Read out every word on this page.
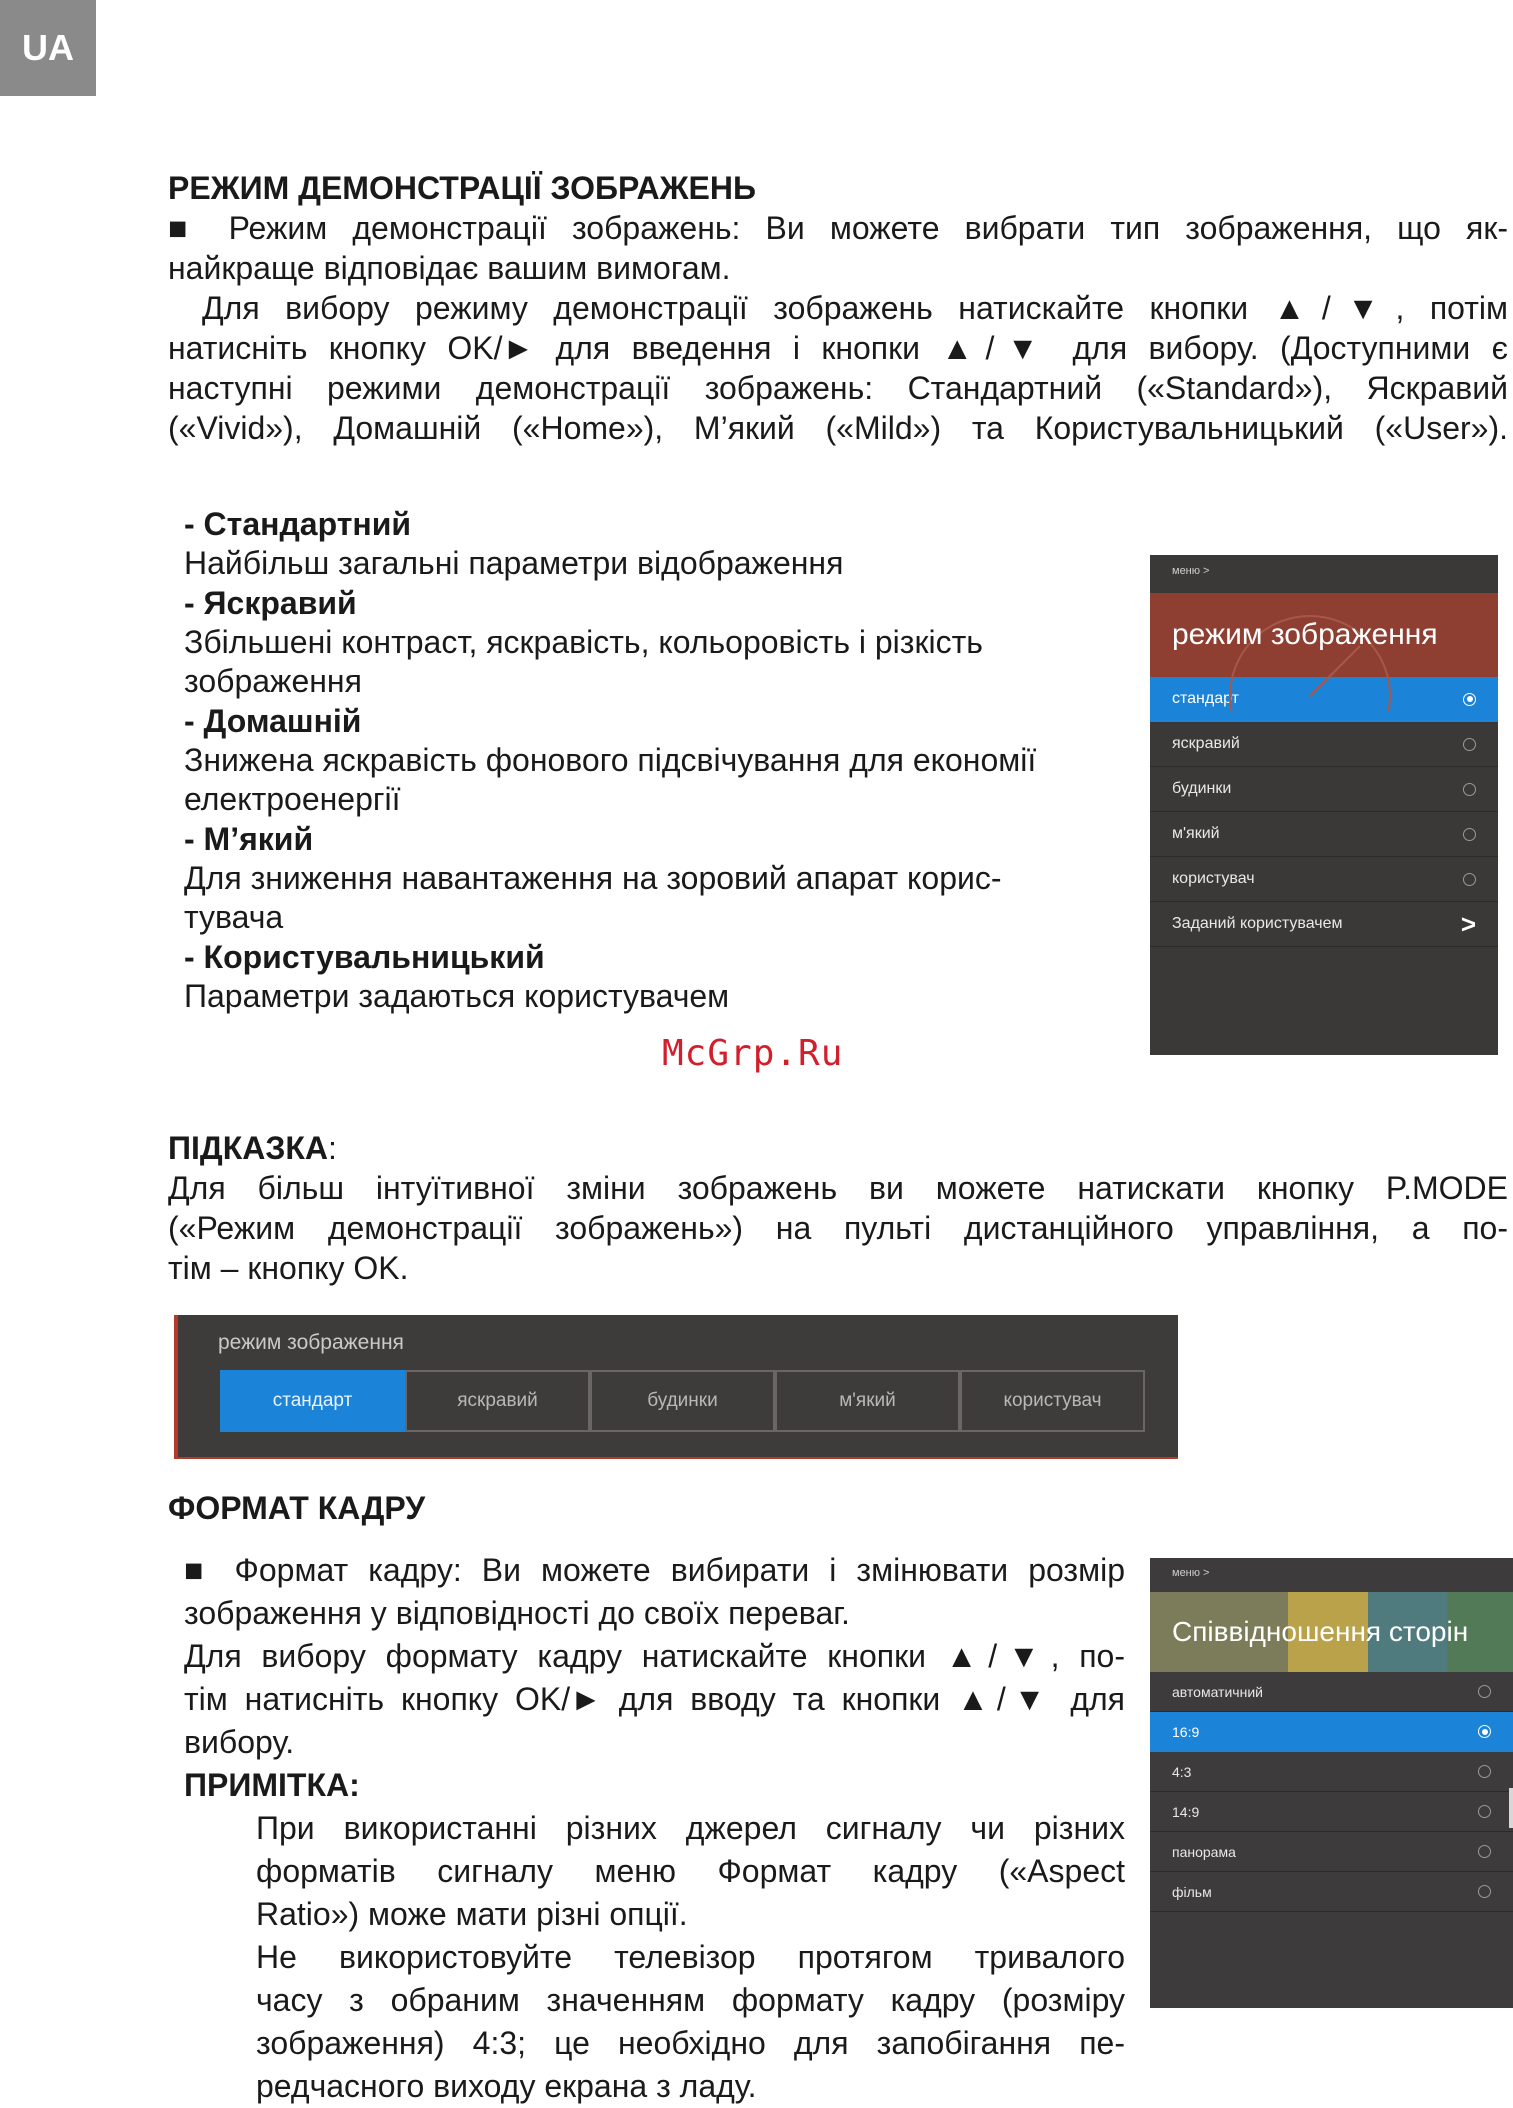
UA

РЕЖИМ ДЕМОНСТРАЦІЇ ЗОБРАЖЕНЬ

■ Режим демонстрації зображень: Ви можете вибрати тип зображення, що як-

найкраще відповідає вашим вимогам.

Для вибору режиму демонстрації зображень натискайте кнопки ▲/▼, потім

натисніть кнопку OK/► для введення і кнопки ▲/▼ для вибору. (Доступними є

наступні режими демонстрації зображень: Стандартний («Standard»), Яскравий

(«Vivid»), Домашній («Home»), М’який («Mild») та Користувальницький («User»).

- Стандартний

Найбільш загальні параметри відображення

- Яскравий

Збільшені контраст, яскравість, кольоровість і різкість

зображення

- Домашній

Знижена яскравість фонового підсвічування для економії

електроенергії

- М’який

Для зниження навантаження на зоровий апарат корис-

тувача

- Користувальницький

Параметри задаються користувачем

меню >
режим зображення
стандарт
яскравий
будинки
м'який
користувач
Заданий користувачем	>
McGrp.Ru

ПІДКАЗКА:

Для більш інтуїтивної зміни зображень ви можете натискати кнопку P.MODE

(«Режим демонстрації зображень») на пульті дистанційного управління, а по-

тім – кнопку OK.

режим зображення
стандарт	яскравий	будинки	м'який	користувач

ФОРМАТ КАДРУ

■ Формат кадру: Ви можете вибирати і змінювати розмір

зображення у відповідності до своїх переваг.

Для вибору формату кадру натискайте кнопки ▲/▼, по-

тім натисніть кнопку OK/► для вводу та кнопки ▲/▼ для

вибору.

ПРИМІТКА:

При використанні різних джерел сигналу чи різних

форматів сигналу меню Формат кадру («Aspect

Ratio») може мати різні опції.

Не використовуйте телевізор протягом тривалого

часу з обраним значенням формату кадру (розміру

зображення) 4:3; це необхідно для запобігання пе-

редчасного виходу екрана з ладу.

меню >
Співвідношення сторін
автоматичний
16:9
4:3
14:9
панорама
фільм
